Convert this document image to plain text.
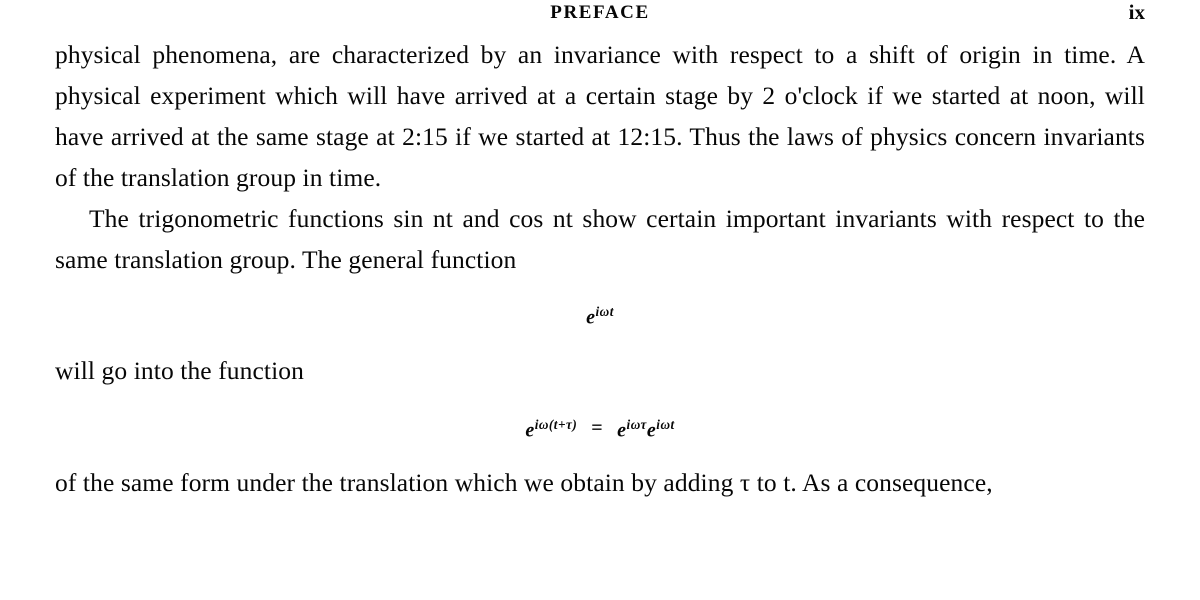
PREFACE	ix

physical phenomena, are characterized by an invariance with respect to a shift of origin in time. A physical experiment which will have arrived at a certain stage by 2 o'clock if we started at noon, will have arrived at the same stage at 2:15 if we started at 12:15. Thus the laws of physics concern invariants of the translation group in time.

The trigonometric functions sin nt and cos nt show certain important invariants with respect to the same translation group. The general function

$e^{i\omega t}$

will go into the function

$e^{i\omega(t+\tau)} = e^{i\omega\tau}e^{i\omega t}$

of the same form under the translation which we obtain by adding τ to t. As a consequence,
